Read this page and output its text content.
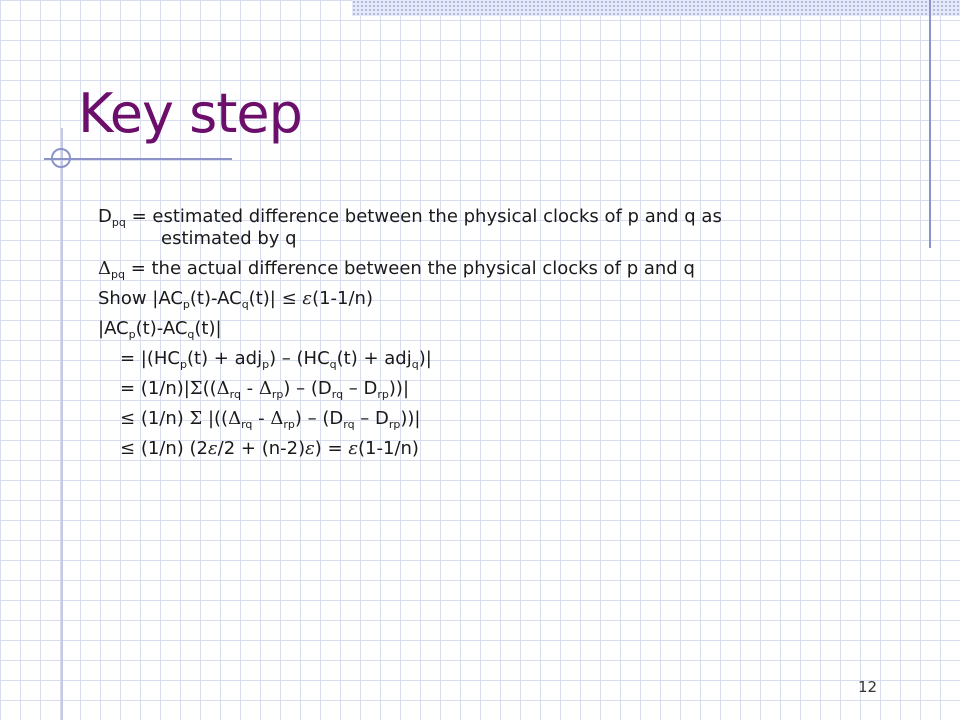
Key step
$D_{pq}$ = estimated difference between the physical clocks of p and q as
estimated by q
$\Delta_{pq}$ = the actual difference between the physical clocks of p and q
Show $|AC_p(t)-AC_q(t)| \le \varepsilon(1-1/n)$
$|AC_p(t)-AC_q(t)|$
= $|(HC_p(t) + adj_p) - (HC_q(t) + adj_q)|$
= $(1/n)|\Sigma((\Delta_{rq} - \Delta_{rp}) - (D_{rq} - D_{rp}))|$
≤ (1/n) Σ $|((\Delta_{rq} - \Delta_{rp}) - (D_{rq} - D_{rp}))|$
≤ (1/n) (2ε/2 + (n-2)ε) = ε(1-1/n)
12
